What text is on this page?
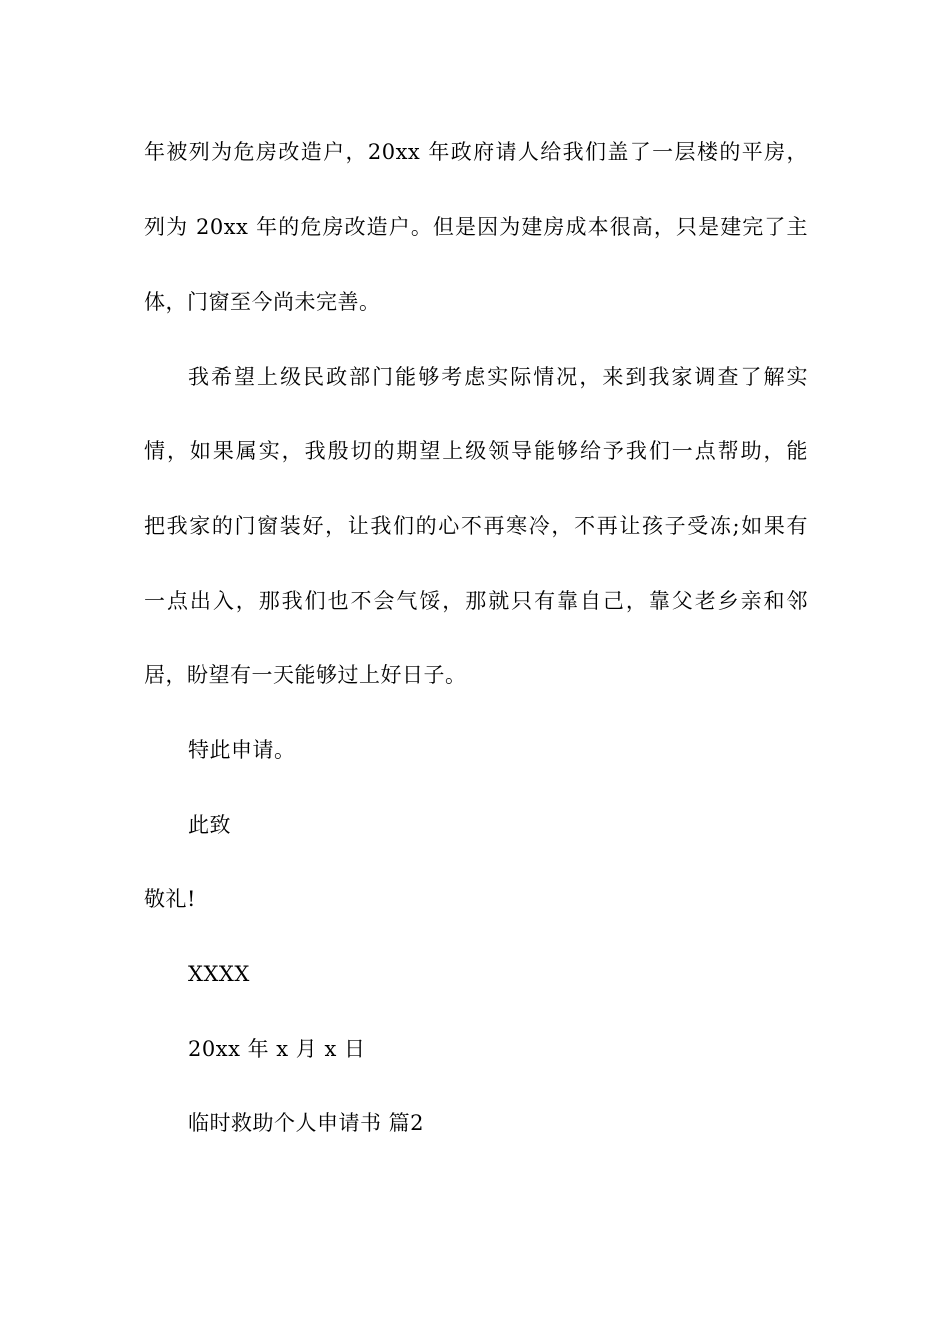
年被列为危房改造户，20xx 年政府请人给我们盖了一层楼的平房，
列为 20xx 年的危房改造户。但是因为建房成本很高，只是建完了主
体，门窗至今尚未完善。
我希望上级民政部门能够考虑实际情况，来到我家调查了解实
情，如果属实，我殷切的期望上级领导能够给予我们一点帮助，能
把我家的门窗装好，让我们的心不再寒冷，不再让孩子受冻;如果有
一点出入，那我们也不会气馁，那就只有靠自己，靠父老乡亲和邻
居，盼望有一天能够过上好日子。
特此申请。
此致
敬礼!
XXXX
20xx 年 x 月 x 日
临时救助个人申请书 篇2
